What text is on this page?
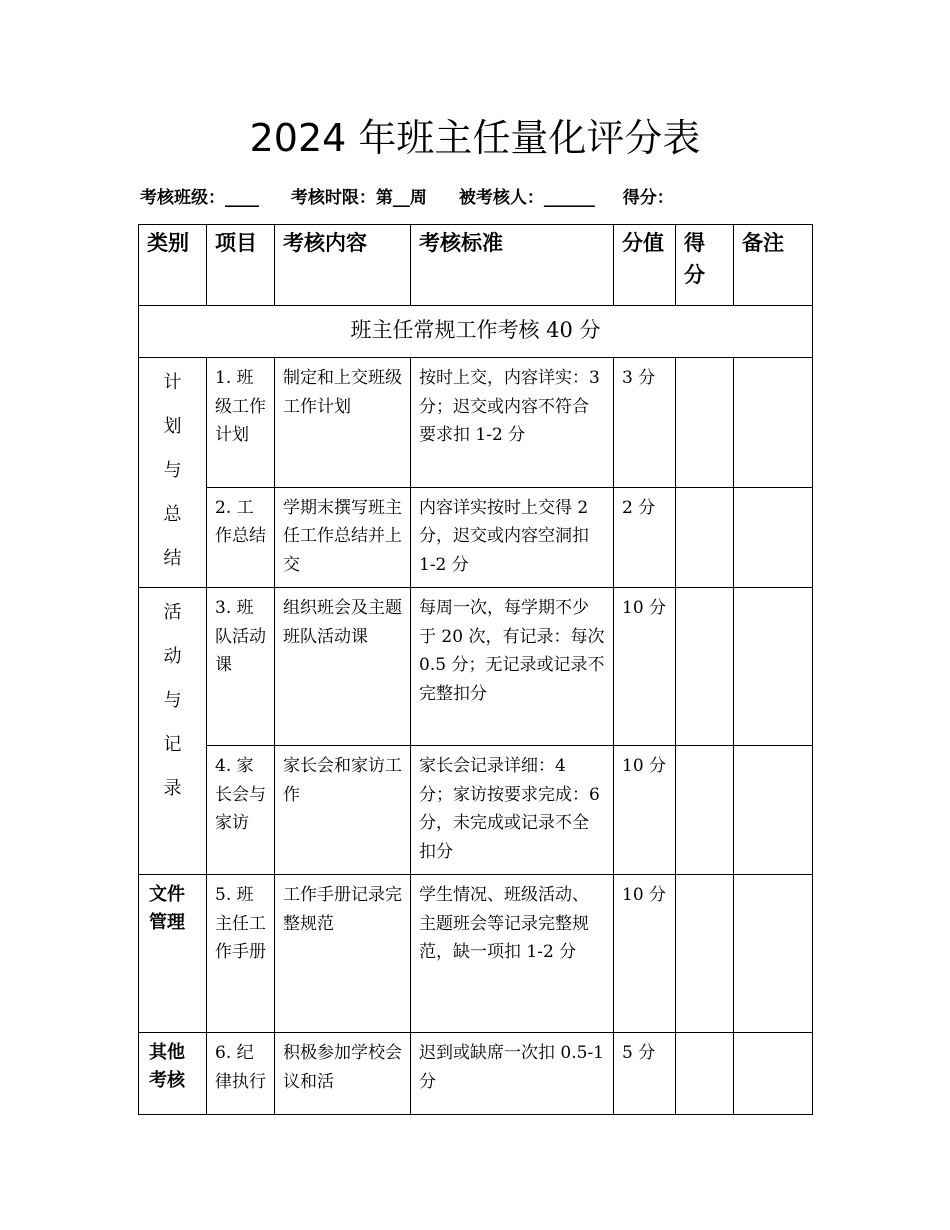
2024 年班主任量化评分表
考核班级：____ 考核时限：第__周 被考核人：______ 得分：
类别	项目	考核内容	考核标准	分值	得分	备注
班主任常规工作考核 40 分						

计划与总结	1. 班级工作计划	制定和上交班级工作计划	按时上交，内容详实：3 分；迟交或内容不符合要求扣 1-2 分	3 分		
	2. 工作总结	学期末撰写班主任工作总结并上交	内容详实按时上交得 2 分，迟交或内容空洞扣 1-2 分	2 分		

活动与记录	3. 班队活动课	组织班会及主题班队活动课	每周一次，每学期不少于 20 次，有记录：每次 0.5 分；无记录或记录不完整扣分	10 分		
	4. 家长会与家访	家长会和家访工作	家长会记录详细：4 分；家访按要求完成：6 分，未完成或记录不全扣分	10 分		
文件管理	5. 班主任工作手册	工作手册记录完整规范	学生情况、班级活动、主题班会等记录完整规范，缺一项扣 1-2 分	10 分		
其他考核	6. 纪律执行	积极参加学校会议和活	迟到或缺席一次扣 0.5-1 分	5 分		
